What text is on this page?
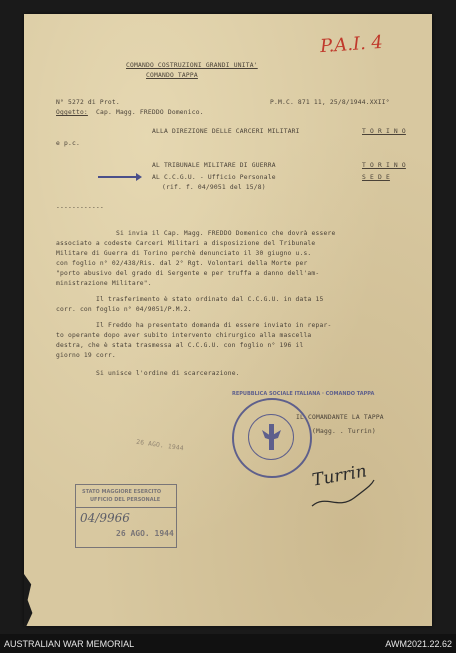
COMANDO COSTRUZIONI GRANDI UNITA'
COMANDO TAPPA
P.A.I. 4
N° 5272 di Prot.	P.M.C. 871 11, 25/8/1944.XXII°
Oggetto: Cap. Magg. FREDDO Domenico.
ALLA DIREZIONE DELLE CARCERI MILITARI	T O R I N O
e p.c.
AL TRIBUNALE MILITARE DI GUERRA	T O R I N O
AL C.C.G.U. - Ufficio Personale	S E D E
(rif. f. 04/9051 del 15/8)
------------
Si invia il Cap. Magg. FREDDO Domenico che dovrà essere
associato a codeste Carceri Militari a disposizione del Tribunale
Militare di Guerra di Torino perchè denunciato il 30 giugno u.s.
con foglio n° 02/438/Ris. dal 2° Rgt. Volontari della Morte per
"porto abusivo del grado di Sergente e per truffa a danno dell'am-
ministrazione Militare".
Il trasferimento è stato ordinato dal C.C.G.U. in data 15
corr. con foglio n° 04/9051/P.M.2.
Il Freddo ha presentato domanda di essere inviato in repar-
to operante dopo aver subito intervento chirurgico alla mascella
destra, che è stata trasmessa al C.C.G.U. con foglio n° 196 il
giorno 19 corr.
Si unisce l'ordine di scarcerazione.
IL COMANDANTE LA TAPPA
(Magg. . Turrin)
Turrin
REPUBBLICA SOCIALE ITALIANA · COMANDO TAPPA
26 AGO. 1944
STATO MAGGIORE ESERCITO
UFFICIO DEL PERSONALE
04/9966
26 AGO. 1944
AUSTRALIAN WAR MEMORIAL	AWM2021.22.62
